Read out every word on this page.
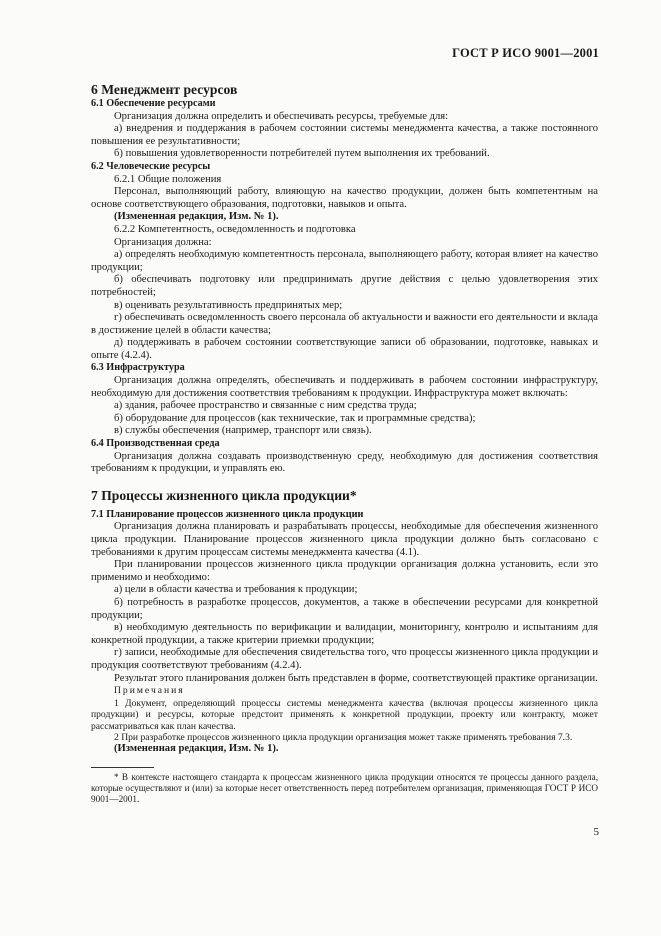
ГОСТ Р ИСО 9001—2001

6 Менеджмент ресурсов

6.1 Обеспечение ресурсами

Организация должна определить и обеспечивать ресурсы, требуемые для:

а) внедрения и поддержания в рабочем состоянии системы менеджмента качества, а также постоянного повышения ее результативности;

б) повышения удовлетворенности потребителей путем выполнения их требований.

6.2 Человеческие ресурсы

6.2.1 Общие положения

Персонал, выполняющий работу, влияющую на качество продукции, должен быть компетентным на основе соответствующего образования, подготовки, навыков и опыта.

(Измененная редакция, Изм. № 1).

6.2.2 Компетентность, осведомленность и подготовка

Организация должна:

а) определять необходимую компетентность персонала, выполняющего работу, которая влияет на качество продукции;

б) обеспечивать подготовку или предпринимать другие действия с целью удовлетворения этих потребностей;

в) оценивать результативность предпринятых мер;

г) обеспечивать осведомленность своего персонала об актуальности и важности его деятельности и вклада в достижение целей в области качества;

д) поддерживать в рабочем состоянии соответствующие записи об образовании, подготовке, навыках и опыте (4.2.4).

6.3 Инфраструктура

Организация должна определять, обеспечивать и поддерживать в рабочем состоянии инфраструктуру, необходимую для достижения соответствия требованиям к продукции. Инфраструктура может включать:

а) здания, рабочее пространство и связанные с ним средства труда;

б) оборудование для процессов (как технические, так и программные средства);

в) службы обеспечения (например, транспорт или связь).

6.4 Производственная среда

Организация должна создавать производственную среду, необходимую для достижения соответствия требованиям к продукции, и управлять ею.

7 Процессы жизненного цикла продукции*

7.1 Планирование процессов жизненного цикла продукции

Организация должна планировать и разрабатывать процессы, необходимые для обеспечения жизненного цикла продукции. Планирование процессов жизненного цикла продукции должно быть согласовано с требованиями к другим процессам системы менеджмента качества (4.1).

При планировании процессов жизненного цикла продукции организация должна установить, если это применимо и необходимо:

а) цели в области качества и требования к продукции;

б) потребность в разработке процессов, документов, а также в обеспечении ресурсами для конкретной продукции;

в) необходимую деятельность по верификации и валидации, мониторингу, контролю и испытаниям для конкретной продукции, а также критерии приемки продукции;

г) записи, необходимые для обеспечения свидетельства того, что процессы жизненного цикла продукции и продукция соответствуют требованиям (4.2.4).

Результат этого планирования должен быть представлен в форме, соответствующей практике организации.

Примечания

1 Документ, определяющий процессы системы менеджмента качества (включая процессы жизненного цикла продукции) и ресурсы, которые предстоит применять к конкретной продукции, проекту или контракту, может рассматриваться как план качества.

2 При разработке процессов жизненного цикла продукции организация может также применять требования 7.3.

(Измененная редакция, Изм. № 1).

* В контексте настоящего стандарта к процессам жизненного цикла продукции относятся те процессы данного раздела, которые осуществляют и (или) за которые несет ответственность перед потребителем организация, применяющая ГОСТ Р ИСО 9001—2001.

5
